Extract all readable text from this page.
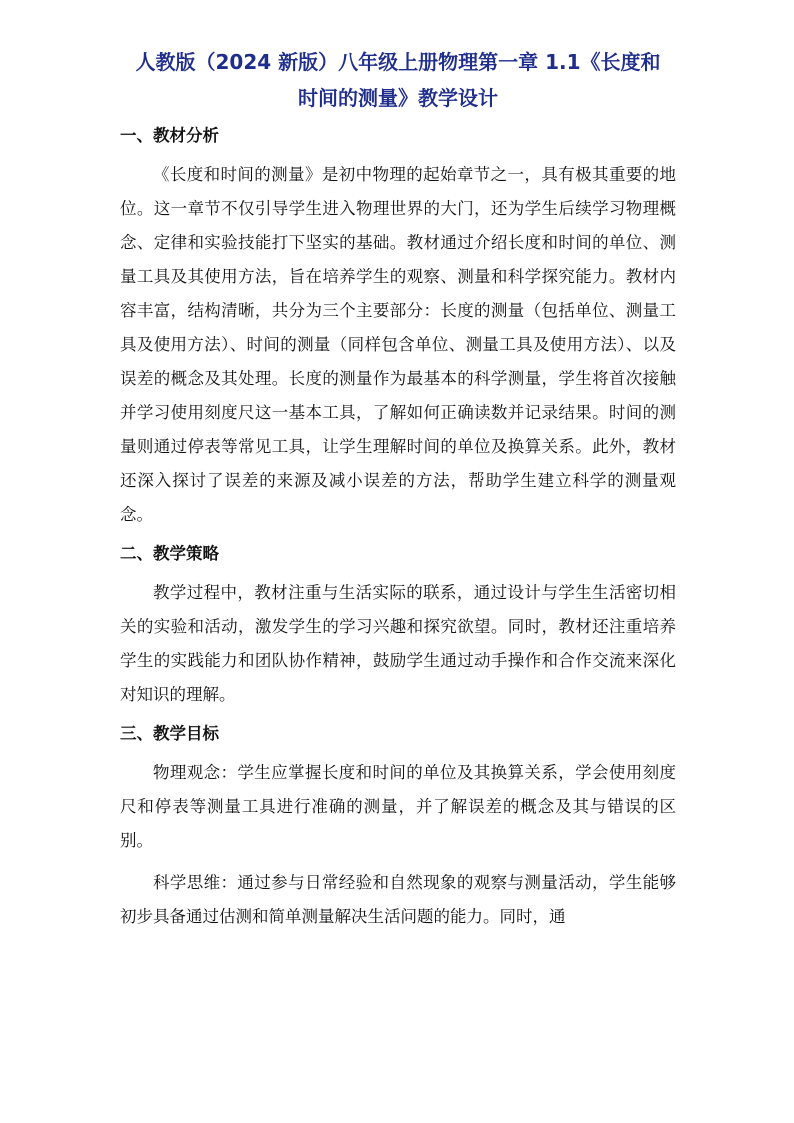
人教版（2024 新版）八年级上册物理第一章 1.1《长度和
时间的测量》教学设计
一、教材分析

《长度和时间的测量》是初中物理的起始章节之一，具有极其重要的地位。这一章节不仅引导学生进入物理世界的大门，还为学生后续学习物理概念、定律和实验技能打下坚实的基础。教材通过介绍长度和时间的单位、测量工具及其使用方法，旨在培养学生的观察、测量和科学探究能力。教材内容丰富，结构清晰，共分为三个主要部分：长度的测量（包括单位、测量工具及使用方法）、时间的测量（同样包含单位、测量工具及使用方法）、以及误差的概念及其处理。长度的测量作为最基本的科学测量，学生将首次接触并学习使用刻度尺这一基本工具，了解如何正确读数并记录结果。时间的测量则通过停表等常见工具，让学生理解时间的单位及换算关系。此外，教材还深入探讨了误差的来源及减小误差的方法，帮助学生建立科学的测量观念。

二、教学策略

教学过程中，教材注重与生活实际的联系，通过设计与学生生活密切相关的实验和活动，激发学生的学习兴趣和探究欲望。同时，教材还注重培养学生的实践能力和团队协作精神，鼓励学生通过动手操作和合作交流来深化对知识的理解。

三、教学目标

物理观念：学生应掌握长度和时间的单位及其换算关系，学会使用刻度尺和停表等测量工具进行准确的测量，并了解误差的概念及其与错误的区别。

科学思维：通过参与日常经验和自然现象的观察与测量活动，学生能够初步具备通过估测和简单测量解决生活问题的能力。同时，通
